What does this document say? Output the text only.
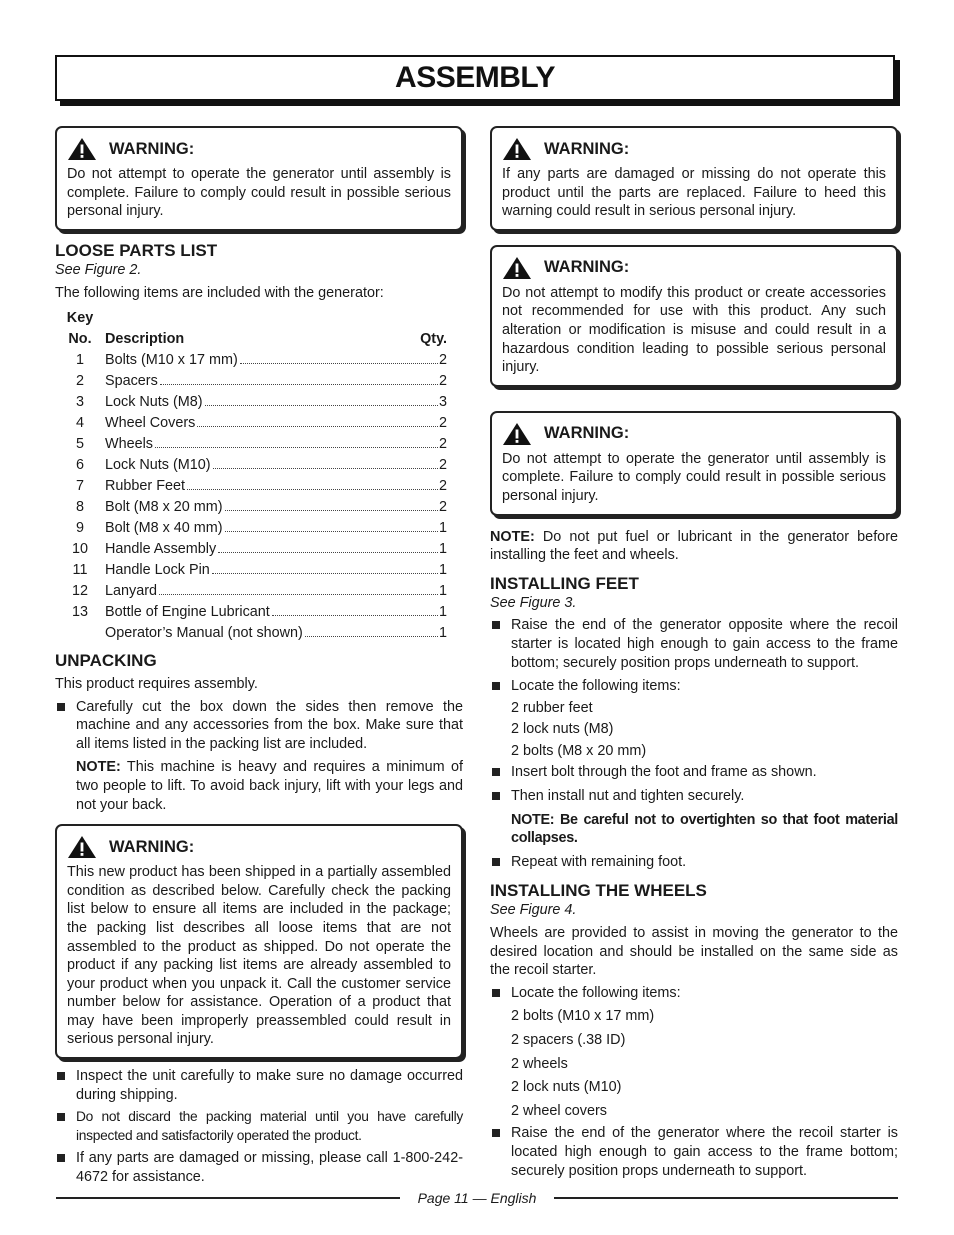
ASSEMBLY
WARNING:

Do not attempt to operate the generator until assembly is complete. Failure to comply could result in possible serious personal injury.

LOOSE PARTS LIST

See Figure 2.

The following items are included with the generator:

Key	
No.	Description Qty.

1	Bolts (M10 x 17 mm) 2

2	Spacers 2

3	Lock Nuts (M8) 3

4	Wheel Covers 2

5	Wheels 2

6	Lock Nuts (M10) 2

7	Rubber Feet 2

8	Bolt (M8 x 20 mm) 2

9	Bolt (M8 x 40 mm) 1

10	Handle Assembly 1

11	Handle Lock Pin 1

12	Lanyard 1

13	Bottle of Engine Lubricant 1

	Operator’s Manual (not shown) 1
UNPACKING

This product requires assembly.

Carefully cut the box down the sides then remove the machine and any accessories from the box. Make sure that all items listed in the packing list are included.

NOTE: This machine is heavy and requires a minimum of two people to lift. To avoid back injury, lift with your legs and not your back.

WARNING:

This new product has been shipped in a partially assembled condition as described below. Carefully check the packing list below to ensure all items are included in the package; the packing list describes all loose items that are not assembled to the product as shipped. Do not operate the product if any packing list items are already assembled to your product when you unpack it. Call the customer service number below for assistance. Operation of a product that may have been improperly preassembled could result in serious personal injury.

Inspect the unit carefully to make sure no damage occurred during shipping.
Do not discard the packing material until you have carefully inspected and satisfactorily operated the product.
If any parts are damaged or missing, please call 1-800-242-4672 for assistance.
WARNING:

If any parts are damaged or missing do not operate this product until the parts are replaced. Failure to heed this warning could result in serious personal injury.

WARNING:

Do not attempt to modify this product or create accessories not recommended for use with this product. Any such alteration or modification is misuse and could result in a hazardous condition leading to possible serious personal injury.

WARNING:

Do not attempt to operate the generator until assembly is complete. Failure to comply could result in possible serious personal injury.

NOTE: Do not put fuel or lubricant in the generator before installing the feet and wheels.

INSTALLING FEET

See Figure 3.

Raise the end of the generator opposite where the recoil starter is located high enough to gain access to the frame bottom; securely position props underneath to support.
Locate the following items:

2 rubber feet

2 lock nuts (M8)

2 bolts (M8 x 20 mm)

Insert bolt through the foot and frame as shown.
Then install nut and tighten securely.

NOTE: Be careful not to overtighten so that foot material collapses.

Repeat with remaining foot.
INSTALLING THE WHEELS

See Figure 4.

Wheels are provided to assist in moving the generator to the desired location and should be installed on the same side as the recoil starter.

Locate the following items:

2 bolts (M10 x 17 mm)

2 spacers (.38 ID)

2 wheels

2 lock nuts (M10)

2 wheel covers

Raise the end of the generator where the recoil starter is located high enough to gain access to the frame bottom; securely position props underneath to support.
Page 11 — English
